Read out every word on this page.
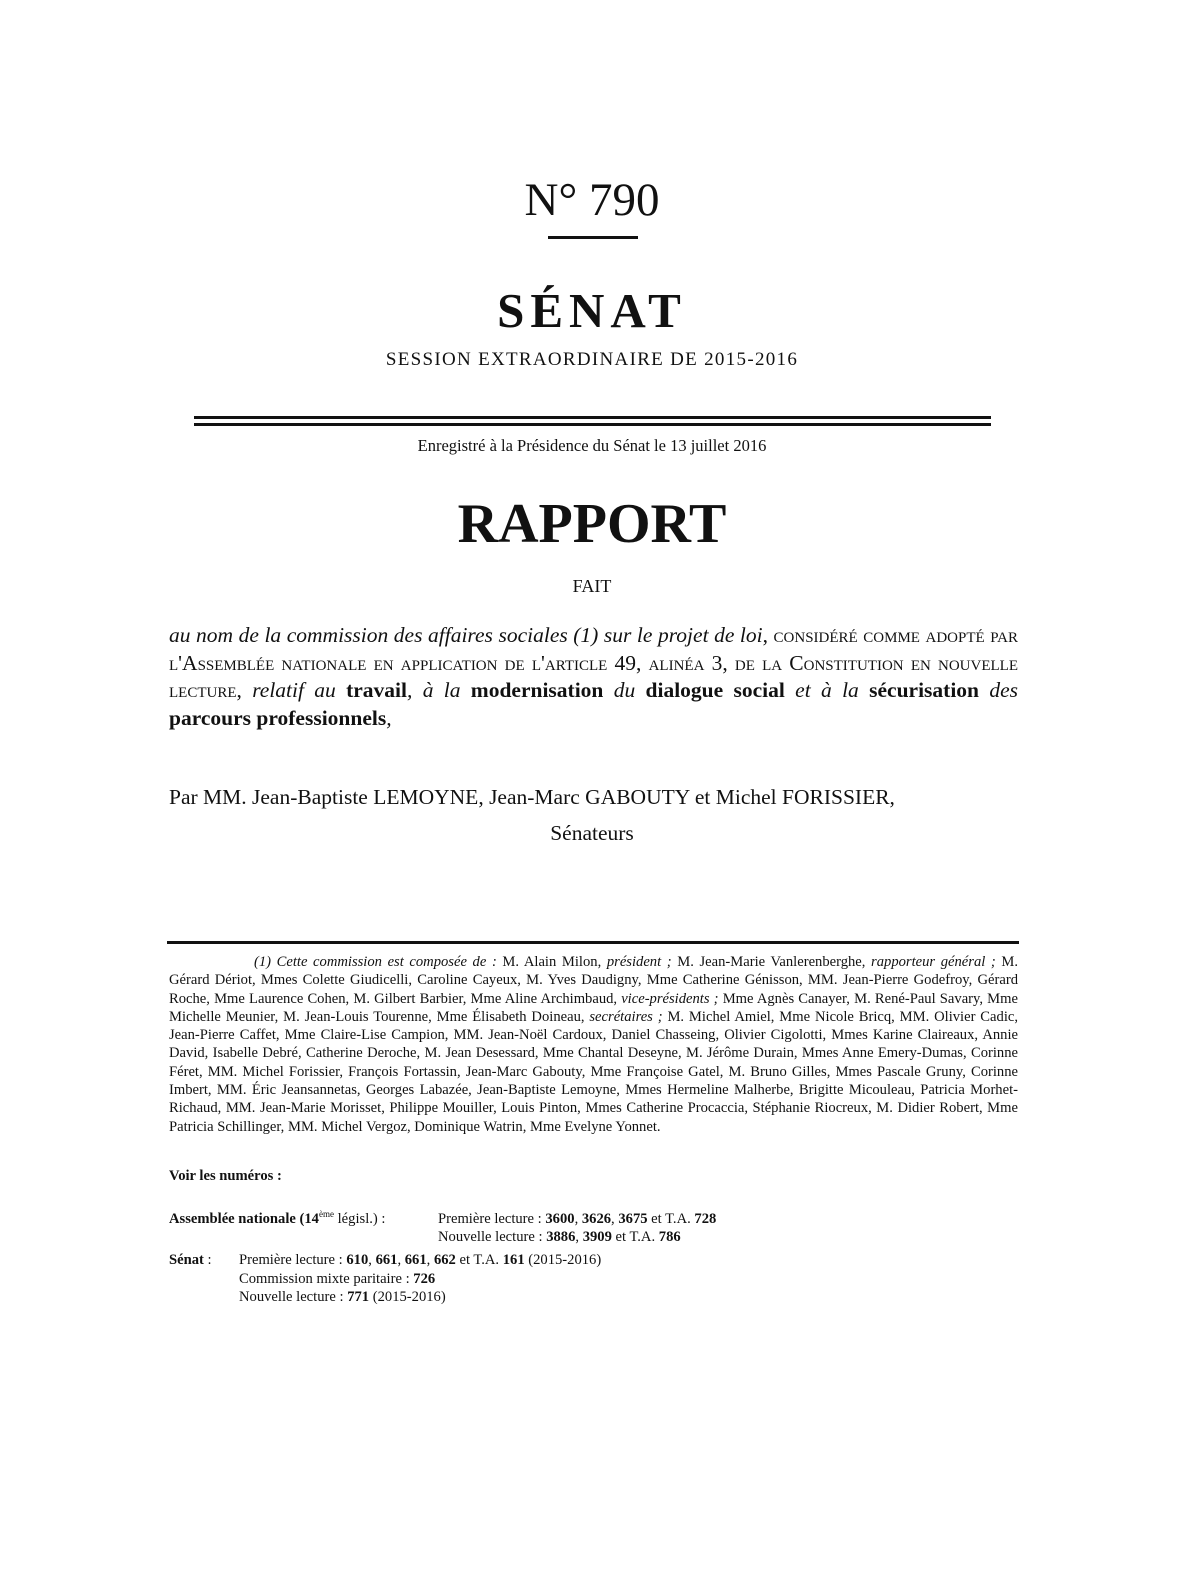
N° 790
SÉNAT
SESSION EXTRAORDINAIRE DE 2015-2016
Enregistré à la Présidence du Sénat le 13 juillet 2016
RAPPORT
FAIT
au nom de la commission des affaires sociales (1) sur le projet de loi, considéré comme adopté par l'Assemblée nationale en application de l'article 49, alinéa 3, de la Constitution en nouvelle lecture, relatif au travail, à la modernisation du dialogue social et à la sécurisation des parcours professionnels,
Par MM. Jean-Baptiste LEMOYNE, Jean-Marc GABOUTY et Michel FORISSIER,
Sénateurs
(1) Cette commission est composée de : M. Alain Milon, président ; M. Jean-Marie Vanlerenberghe, rapporteur général ; M. Gérard Dériot, Mmes Colette Giudicelli, Caroline Cayeux, M. Yves Daudigny, Mme Catherine Génisson, MM. Jean-Pierre Godefroy, Gérard Roche, Mme Laurence Cohen, M. Gilbert Barbier, Mme Aline Archimbaud, vice-présidents ; Mme Agnès Canayer, M. René-Paul Savary, Mme Michelle Meunier, M. Jean-Louis Tourenne, Mme Élisabeth Doineau, secrétaires ; M. Michel Amiel, Mme Nicole Bricq, MM. Olivier Cadic, Jean-Pierre Caffet, Mme Claire-Lise Campion, MM. Jean-Noël Cardoux, Daniel Chasseing, Olivier Cigolotti, Mmes Karine Claireaux, Annie David, Isabelle Debré, Catherine Deroche, M. Jean Desessard, Mme Chantal Deseyne, M. Jérôme Durain, Mmes Anne Emery-Dumas, Corinne Féret, MM. Michel Forissier, François Fortassin, Jean-Marc Gabouty, Mme Françoise Gatel, M. Bruno Gilles, Mmes Pascale Gruny, Corinne Imbert, MM. Éric Jeansannetas, Georges Labazée, Jean-Baptiste Lemoyne, Mmes Hermeline Malherbe, Brigitte Micouleau, Patricia Morhet-Richaud, MM. Jean-Marie Morisset, Philippe Mouiller, Louis Pinton, Mmes Catherine Procaccia, Stéphanie Riocreux, M. Didier Robert, Mme Patricia Schillinger, MM. Michel Vergoz, Dominique Watrin, Mme Evelyne Yonnet.
Voir les numéros :
Assemblée nationale (14ème législ.) :	Première lecture : 3600, 3626, 3675 et T.A. 728
Nouvelle lecture : 3886, 3909 et T.A. 786
Sénat : Première lecture : 610, 661, 661, 662 et T.A. 161 (2015-2016)
Commission mixte paritaire : 726
Nouvelle lecture : 771 (2015-2016)
